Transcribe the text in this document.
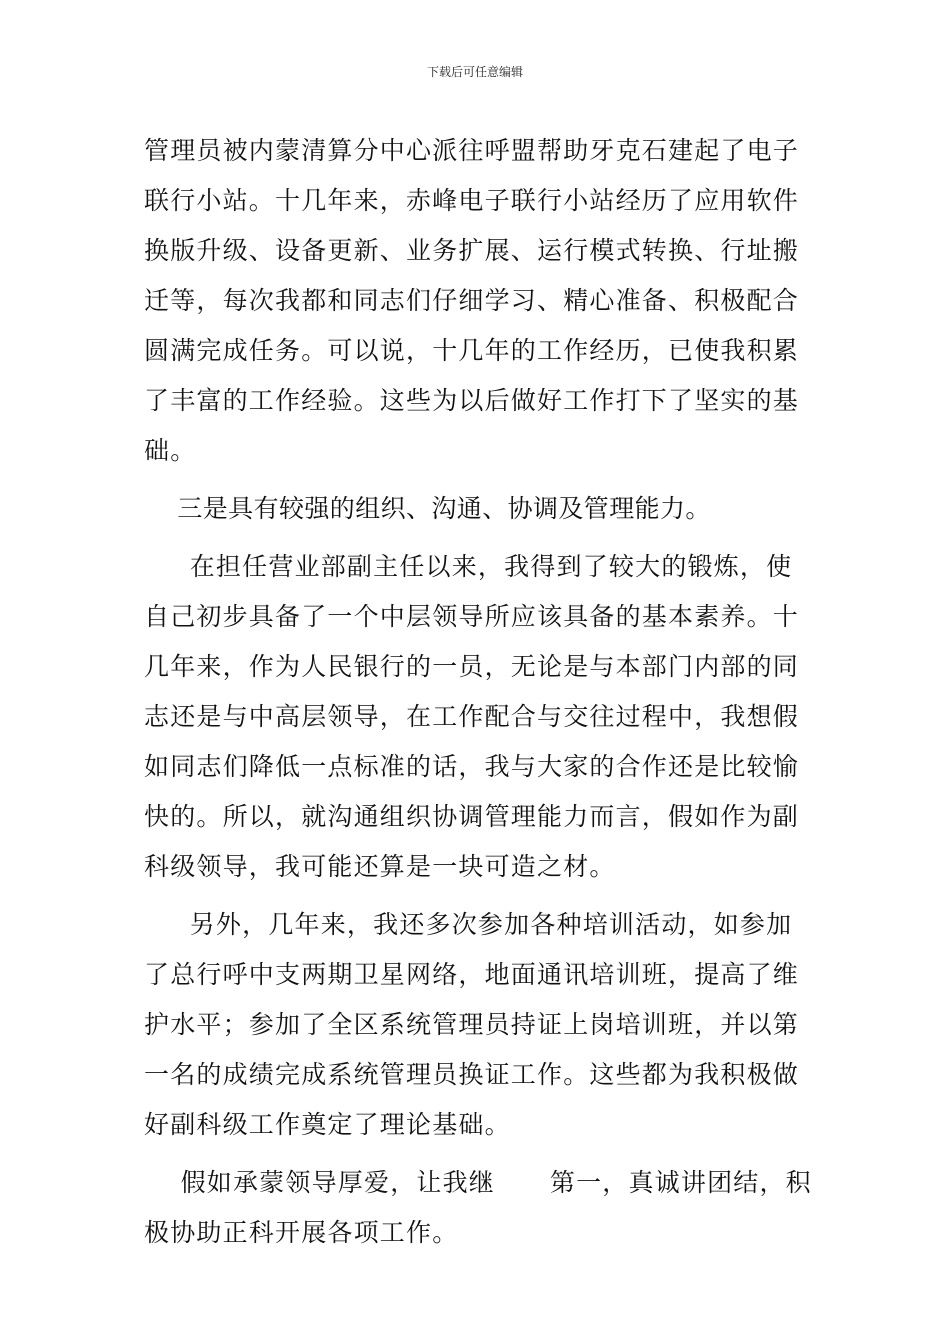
下载后可任意编辑
管理员被内蒙清算分中心派往呼盟帮助牙克石建起了电子
联行小站。十几年来，赤峰电子联行小站经历了应用软件
换版升级、设备更新、业务扩展、运行模式转换、行址搬
迁等，每次我都和同志们仔细学习、精心准备、积极配合
圆满完成任务。可以说，十几年的工作经历，已使我积累
了丰富的工作经验。这些为以后做好工作打下了坚实的基
础。
三是具有较强的组织、沟通、协调及管理能力。
在担任营业部副主任以来，我得到了较大的锻炼，使
自己初步具备了一个中层领导所应该具备的基本素养。十
几年来，作为人民银行的一员，无论是与本部门内部的同
志还是与中高层领导，在工作配合与交往过程中，我想假
如同志们降低一点标准的话，我与大家的合作还是比较愉
快的。所以，就沟通组织协调管理能力而言，假如作为副
科级领导，我可能还算是一块可造之材。
另外，几年来，我还多次参加各种培训活动，如参加
了总行呼中支两期卫星网络，地面通讯培训班，提高了维
护水平；参加了全区系统管理员持证上岗培训班，并以第
一名的成绩完成系统管理员换证工作。这些都为我积极做
好副科级工作奠定了理论基础。
假如承蒙领导厚爱，让我继      第一，真诚讲团结，积
极协助正科开展各项工作。
